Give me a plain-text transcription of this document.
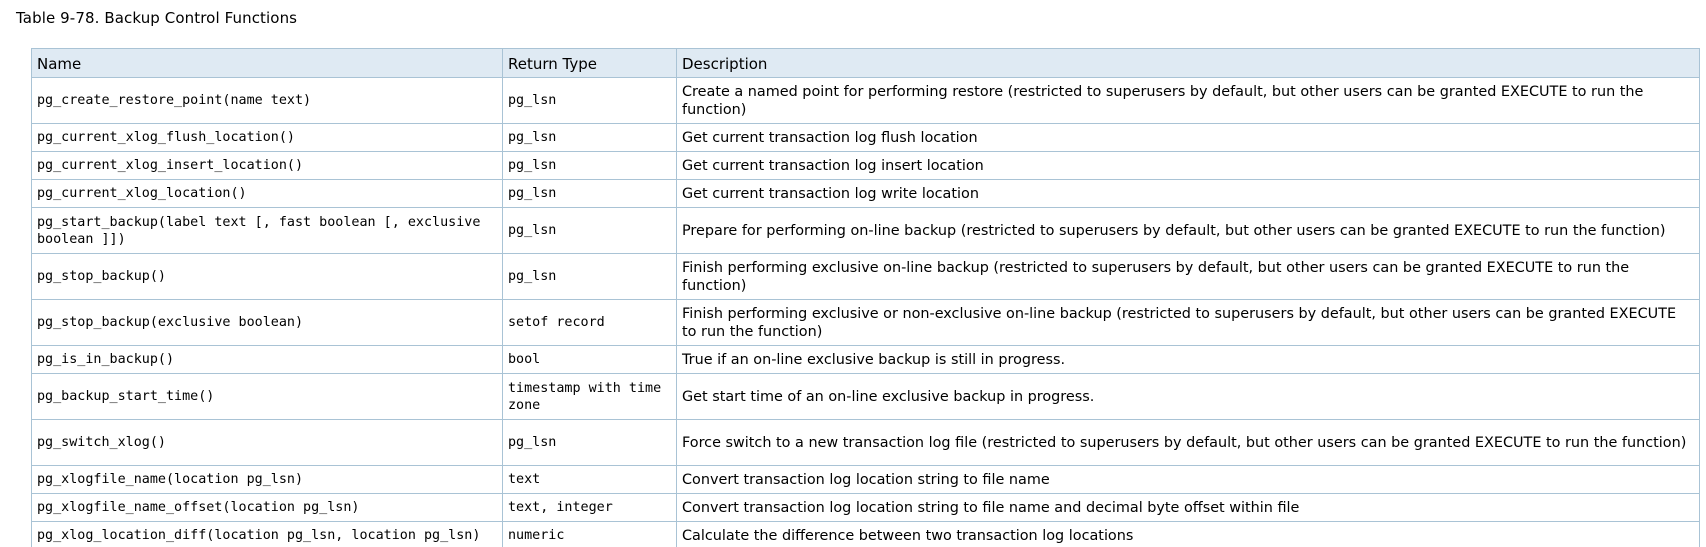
Table 9-78. Backup Control Functions
Name	Return Type	Description
pg_create_restore_point(name text)	pg_lsn	Create a named point for performing restore (restricted to superusers by default, but other users can be granted EXECUTE to run the function)
pg_current_xlog_flush_location()	pg_lsn	Get current transaction log flush location
pg_current_xlog_insert_location()	pg_lsn	Get current transaction log insert location
pg_current_xlog_location()	pg_lsn	Get current transaction log write location
pg_start_backup(label text [, fast boolean [, exclusive boolean ]])	pg_lsn	Prepare for performing on-line backup (restricted to superusers by default, but other users can be granted EXECUTE to run the function)
pg_stop_backup()	pg_lsn	Finish performing exclusive on-line backup (restricted to superusers by default, but other users can be granted EXECUTE to run the function)
pg_stop_backup(exclusive boolean)	setof record	Finish performing exclusive or non-exclusive on-line backup (restricted to superusers by default, but other users can be granted EXECUTE to run the function)
pg_is_in_backup()	bool	True if an on-line exclusive backup is still in progress.
pg_backup_start_time()	timestamp with time zone	Get start time of an on-line exclusive backup in progress.
pg_switch_xlog()	pg_lsn	Force switch to a new transaction log file (restricted to superusers by default, but other users can be granted EXECUTE to run the function)
pg_xlogfile_name(location pg_lsn)	text	Convert transaction log location string to file name
pg_xlogfile_name_offset(location pg_lsn)	text, integer	Convert transaction log location string to file name and decimal byte offset within file
pg_xlog_location_diff(location pg_lsn, location pg_lsn)	numeric	Calculate the difference between two transaction log locations
